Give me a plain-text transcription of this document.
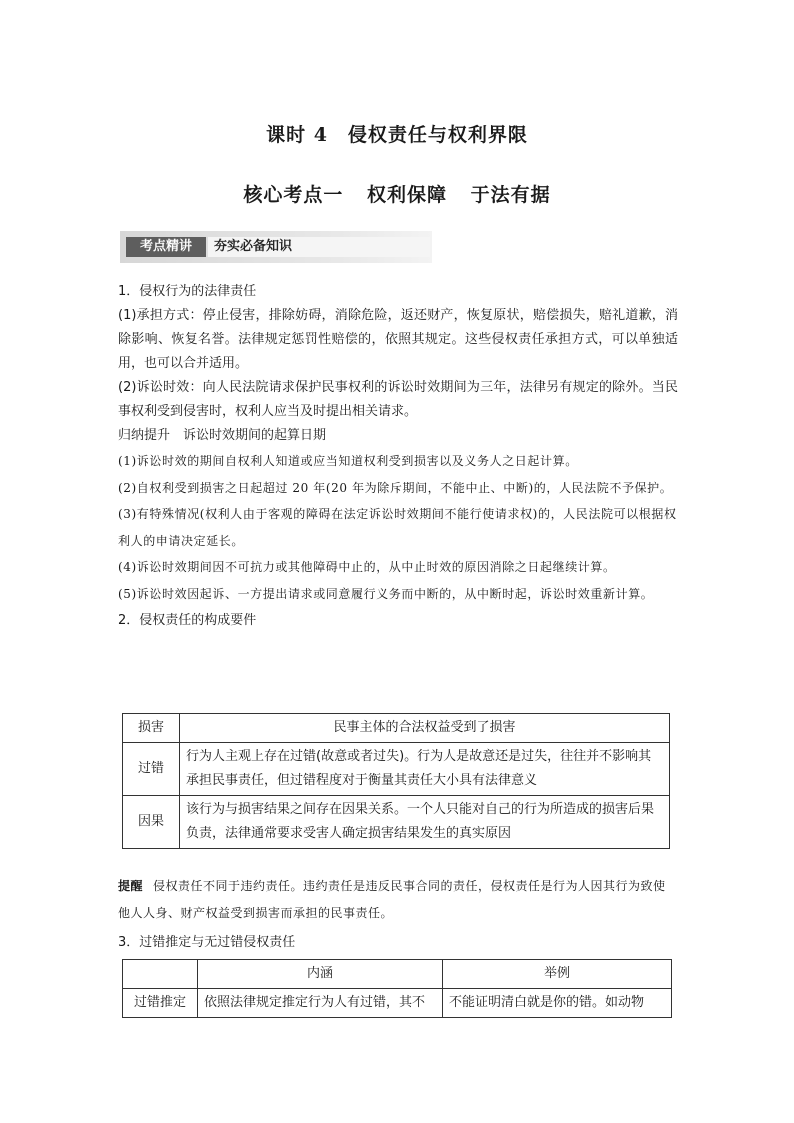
课时 4　侵权责任与权利界限
核心考点一 权利保障 于法有据
考点精讲	夯实必备知识

1．侵权行为的法律责任

(1)承担方式：停止侵害，排除妨碍，消除危险，返还财产，恢复原状，赔偿损失，赔礼道歉，消除影响、恢复名誉。法律规定惩罚性赔偿的，依照其规定。这些侵权责任承担方式，可以单独适用，也可以合并适用。

(2)诉讼时效：向人民法院请求保护民事权利的诉讼时效期间为三年，法律另有规定的除外。当民事权利受到侵害时，权利人应当及时提出相关请求。

归纳提升　诉讼时效期间的起算日期

(1)诉讼时效的期间自权利人知道或应当知道权利受到损害以及义务人之日起计算。

(2)自权利受到损害之日起超过 20 年(20 年为除斥期间，不能中止、中断)的，人民法院不予保护。

(3)有特殊情况(权利人由于客观的障碍在法定诉讼时效期间不能行使请求权)的，人民法院可以根据权利人的申请决定延长。

(4)诉讼时效期间因不可抗力或其他障碍中止的，从中止时效的原因消除之日起继续计算。

(5)诉讼时效因起诉、一方提出请求或同意履行义务而中断的，从中断时起，诉讼时效重新计算。

2．侵权责任的构成要件

损害	民事主体的合法权益受到了损害
过错	行为人主观上存在过错(故意或者过失)。行为人是故意还是过失，往往并不影响其承担民事责任，但过错程度对于衡量其责任大小具有法律意义
因果	该行为与损害结果之间存在因果关系。一个人只能对自己的行为所造成的损害后果负责，法律通常要求受害人确定损害结果发生的真实原因
提醒 侵权责任不同于违约责任。违约责任是违反民事合同的责任，侵权责任是行为人因其行为致使他人人身、财产权益受到损害而承担的民事责任。
3．过错推定与无过错侵权责任
	内涵	举例
过错推定	依照法律规定推定行为人有过错，其不	不能证明清白就是你的错。如动物
